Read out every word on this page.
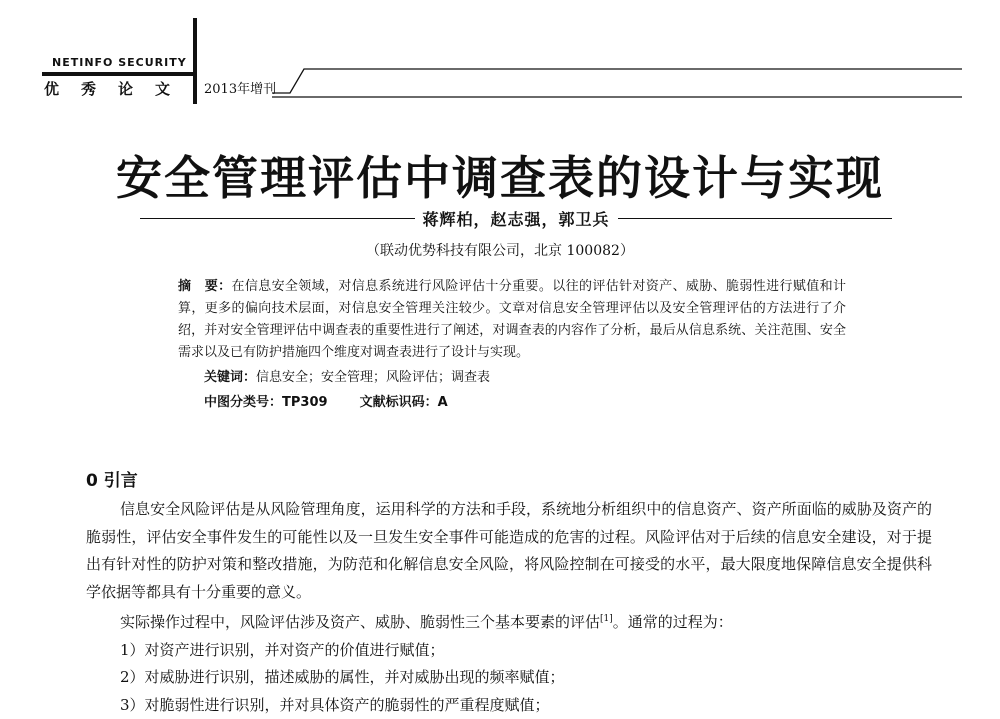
NETINFO SECURITY
优秀论文 2013年增刊
安全管理评估中调查表的设计与实现
蒋辉柏，赵志强，郭卫兵
（联动优势科技有限公司，北京 100082）
摘　要：在信息安全领域，对信息系统进行风险评估十分重要。以往的评估针对资产、威胁、脆弱性进行赋值和计算，更多的偏向技术层面，对信息安全管理关注较少。文章对信息安全管理评估以及安全管理评估的方法进行了介绍，并对安全管理评估中调查表的重要性进行了阐述，对调查表的内容作了分析，最后从信息系统、关注范围、安全需求以及已有防护措施四个维度对调查表进行了设计与实现。
关键词：信息安全；安全管理；风险评估；调查表
中图分类号：TP309 文献标识码：A
0 引言

信息安全风险评估是从风险管理角度，运用科学的方法和手段，系统地分析组织中的信息资产、资产所面临的威胁及资产的脆弱性，评估安全事件发生的可能性以及一旦发生安全事件可能造成的危害的过程。风险评估对于后续的信息安全建设，对于提出有针对性的防护对策和整改措施，为防范和化解信息安全风险，将风险控制在可接受的水平，最大限度地保障信息安全提供科学依据等都具有十分重要的意义。

实际操作过程中，风险评估涉及资产、威胁、脆弱性三个基本要素的评估[1]。通常的过程为：

1）对资产进行识别，并对资产的价值进行赋值；

2）对威胁进行识别，描述威胁的属性，并对威胁出现的频率赋值；

3）对脆弱性进行识别，并对具体资产的脆弱性的严重程度赋值；
